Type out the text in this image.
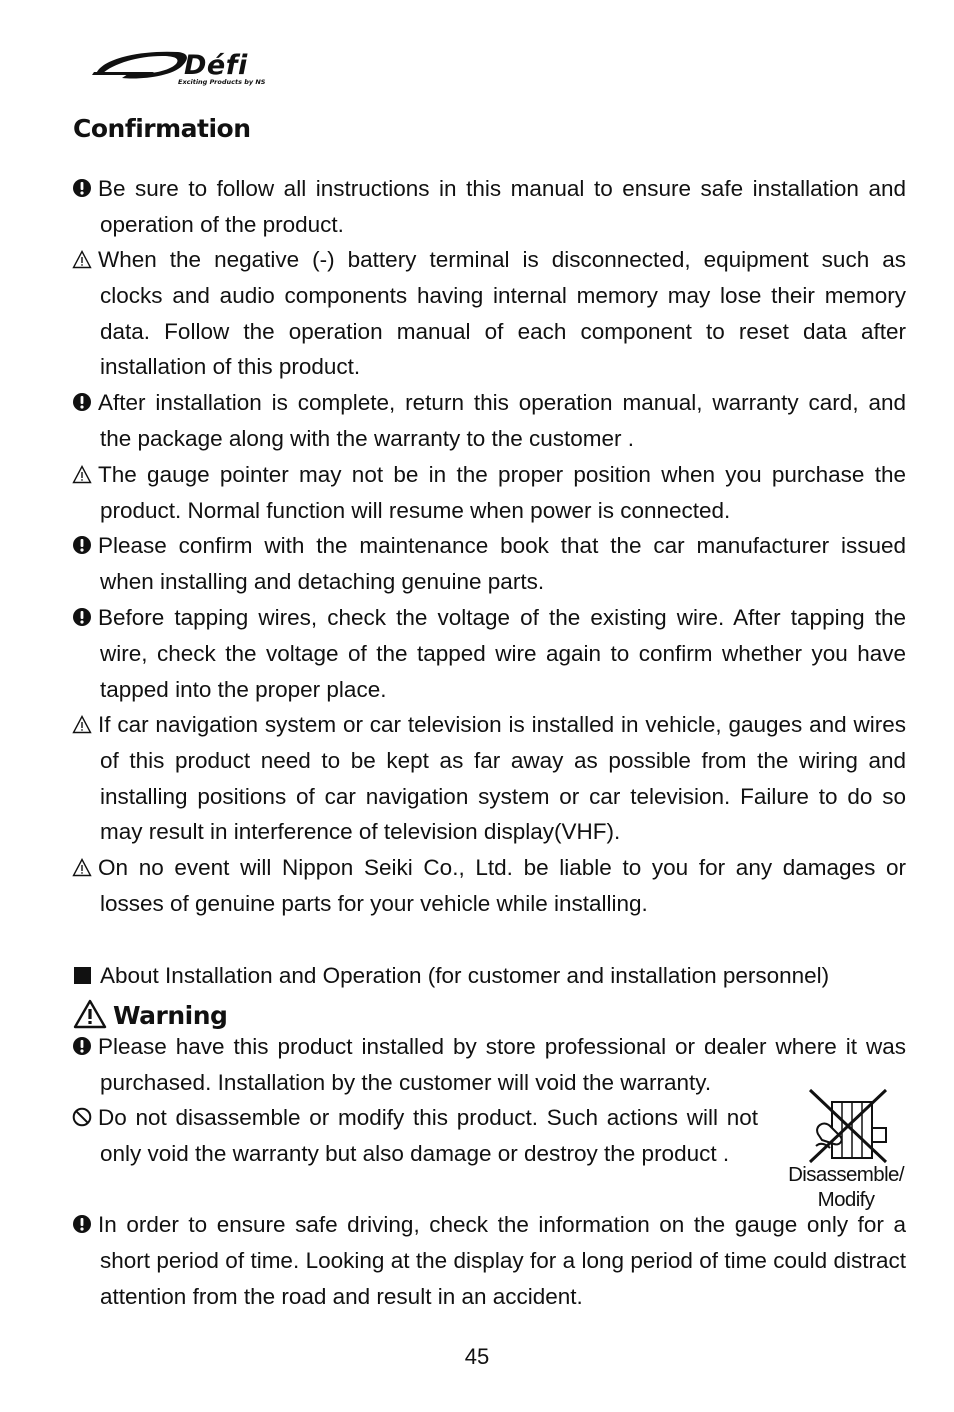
Défi
Exciting Products by NS
Confirmation
Be sure to follow all instructions in this manual to ensure safe installation and operation of the product.
When the negative (-) battery terminal is disconnected, equipment such as clocks and audio components having internal memory may lose their memory data. Follow the operation manual of each component to reset data after installation of this product.
After installation is complete, return this operation manual, warranty card, and the package along with the warranty to the customer .
The gauge pointer may not be in the proper position when you purchase the product. Normal function will resume when power is connected.
Please confirm with the maintenance book that the car manufacturer issued when installing and detaching genuine parts.
Before tapping wires, check the voltage of the existing wire. After tapping the wire, check the voltage of the tapped wire again to confirm whether you have tapped into the proper place.
If car navigation system or car television is installed in vehicle, gauges and wires of this product need to be kept as far away as possible from the wiring and installing positions of car navigation system or car television. Failure to do so may result in interference of television display(VHF).
On no event will Nippon Seiki Co., Ltd. be liable to you for any damages or losses of genuine parts for your vehicle while installing.
About Installation and Operation (for customer and installation personnel)
Warning
Please have this product installed by store professional or dealer where it was purchased. Installation by the customer will void the warranty.
Do not disassemble or modify this product. Such actions will not only void the warranty but also damage or destroy the product .
In order to ensure safe driving, check the information on the gauge only for a short period of time. Looking at the display for a long period of time could distract attention from the road and result in an accident.
Disassemble/
Modify
45
